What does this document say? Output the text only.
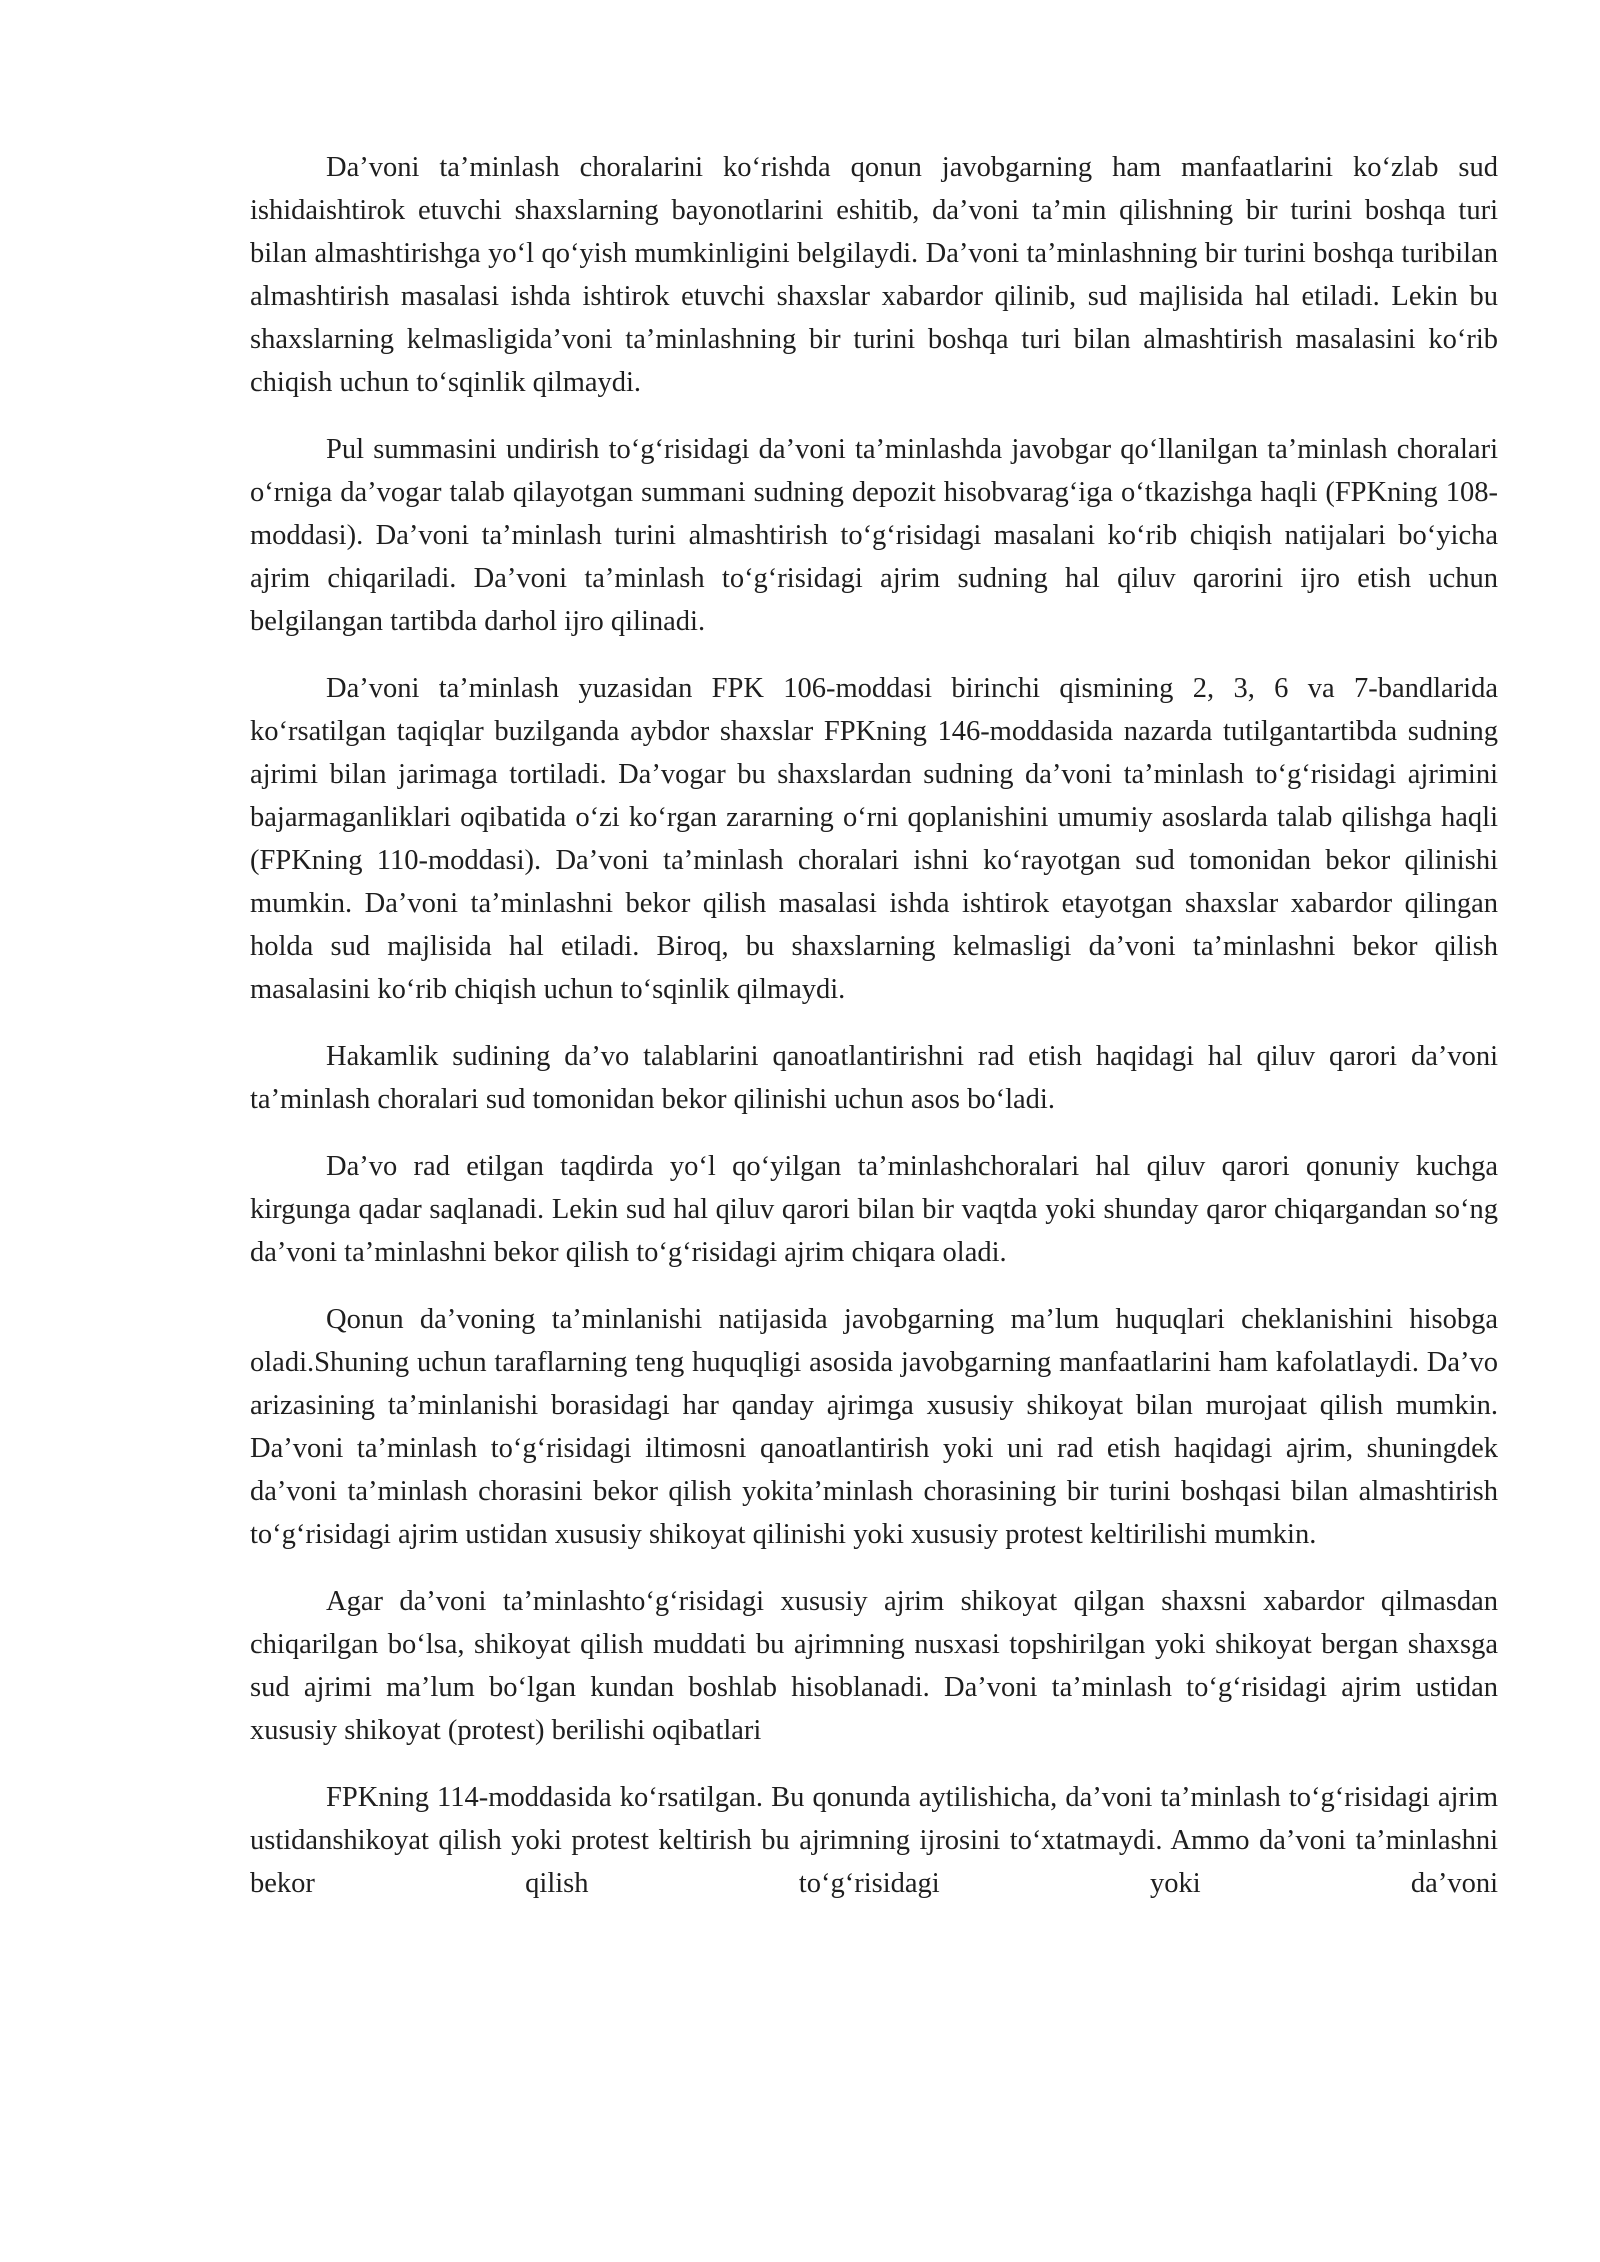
Da’voni ta’minlash choralarini ko‘rishda qonun javobgarning ham manfaatlarini ko‘zlab sud ishidaishtirok etuvchi shaxslarning bayonotlarini eshitib, da’voni ta’min qilishning bir turini boshqa turi bilan almashtirishga yo‘l qo‘yish mumkinligini belgilaydi. Da’voni ta’minlashning bir turini boshqa turibilan almashtirish masalasi ishda ishtirok etuvchi shaxslar xabardor qilinib, sud majlisida hal etiladi. Lekin bu shaxslarning kelmasligida’voni ta’minlashning bir turini boshqa turi bilan almashtirish masalasini ko‘rib chiqish uchun to‘sqinlik qilmaydi.

Pul summasini undirish to‘g‘risidagi da’voni ta’minlashda javobgar qo‘llanilgan ta’minlash choralari o‘rniga da’vogar talab qilayotgan summani sudning depozit hisobvarag‘iga o‘tkazishga haqli (FPKning 108-moddasi). Da’voni ta’minlash turini almashtirish to‘g‘risidagi masalani ko‘rib chiqish natijalari bo‘yicha ajrim chiqariladi. Da’voni ta’minlash to‘g‘risidagi ajrim sudning hal qiluv qarorini ijro etish uchun belgilangan tartibda darhol ijro qilinadi.

Da’voni ta’minlash yuzasidan FPK 106-moddasi birinchi qismining 2, 3, 6 va 7-bandlarida ko‘rsatilgan taqiqlar buzilganda aybdor shaxslar FPKning 146-moddasida nazarda tutilgantartibda sudning ajrimi bilan jarimaga tortiladi. Da’vogar bu shaxslardan sudning da’voni ta’minlash to‘g‘risidagi ajrimini bajarmaganliklari oqibatida o‘zi ko‘rgan zararning o‘rni qoplanishini umumiy asoslarda talab qilishga haqli (FPKning 110-moddasi). Da’voni ta’minlash choralari ishni ko‘rayotgan sud tomonidan bekor qilinishi mumkin. Da’voni ta’minlashni bekor qilish masalasi ishda ishtirok etayotgan shaxslar xabardor qilingan holda sud majlisida hal etiladi. Biroq, bu shaxslarning kelmasligi da’voni ta’minlashni bekor qilish masalasini ko‘rib chiqish uchun to‘sqinlik qilmaydi.

Hakamlik sudining da’vo talablarini qanoatlantirishni rad etish haqidagi hal qiluv qarori da’voni ta’minlash choralari sud tomonidan bekor qilinishi uchun asos bo‘ladi.

Da’vo rad etilgan taqdirda yo‘l qo‘yilgan ta’minlashchoralari hal qiluv qarori qonuniy kuchga kirgunga qadar saqlanadi. Lekin sud hal qiluv qarori bilan bir vaqtda yoki shunday qaror chiqargandan so‘ng da’voni ta’minlashni bekor qilish to‘g‘risidagi ajrim chiqara oladi.

Qonun da’voning ta’minlanishi natijasida javobgarning ma’lum huquqlari cheklanishini hisobga oladi.Shuning uchun taraflarning teng huquqligi asosida javobgarning manfaatlarini ham kafolatlaydi. Da’vo arizasining ta’minlanishi borasidagi har qanday ajrimga xususiy shikoyat bilan murojaat qilish mumkin. Da’voni ta’minlash to‘g‘risidagi iltimosni qanoatlantirish yoki uni rad etish haqidagi ajrim, shuningdek da’voni ta’minlash chorasini bekor qilish yokita’minlash chorasining bir turini boshqasi bilan almashtirish to‘g‘risidagi ajrim ustidan xususiy shikoyat qilinishi yoki xususiy protest keltirilishi mumkin.

Agar da’voni ta’minlashto‘g‘risidagi xususiy ajrim shikoyat qilgan shaxsni xabardor qilmasdan chiqarilgan bo‘lsa, shikoyat qilish muddati bu ajrimning nusxasi topshirilgan yoki shikoyat bergan shaxsga sud ajrimi ma’lum bo‘lgan kundan boshlab hisoblanadi. Da’voni ta’minlash to‘g‘risidagi ajrim ustidan xususiy shikoyat (protest) berilishi oqibatlari

FPKning 114-moddasida ko‘rsatilgan. Bu qonunda aytilishicha, da’voni ta’minlash to‘g‘risidagi ajrim ustidanshikoyat qilish yoki protest keltirish bu ajrimning ijrosini to‘xtatmaydi. Ammo da’voni ta’minlashni bekor qilish to‘g‘risidagi yoki da’voni
